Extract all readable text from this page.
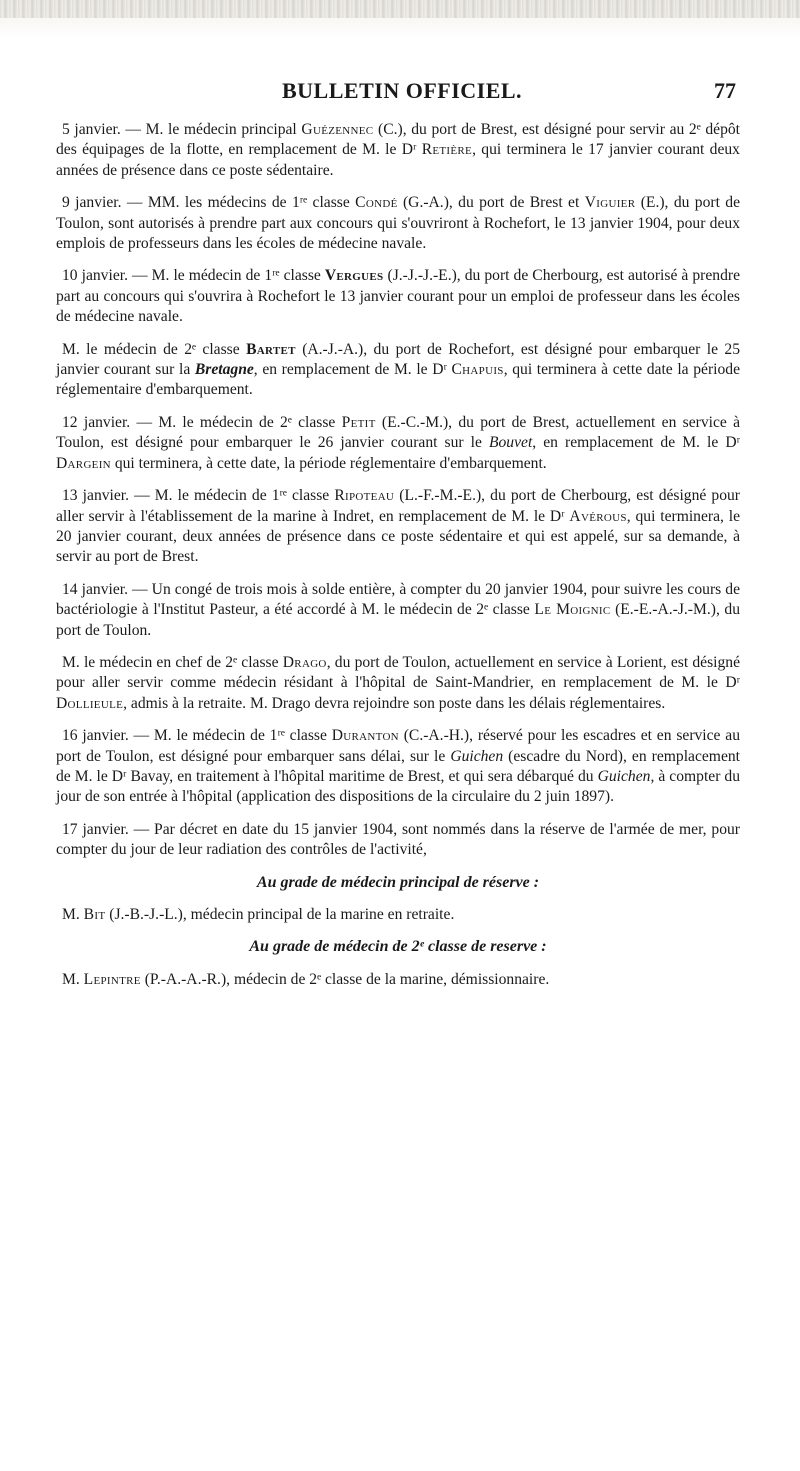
BULLETIN OFFICIEL.	77

5 janvier. — M. le médecin principal Guézennec (C.), du port de Brest, est désigné pour servir au 2ᵉ dépôt des équipages de la flotte, en remplacement de M. le Dʳ Retière, qui terminera le 17 janvier courant deux années de présence dans ce poste sédentaire.

9 janvier. — MM. les médecins de 1ʳᵉ classe Condé (G.-A.), du port de Brest et Viguier (E.), du port de Toulon, sont autorisés à prendre part aux concours qui s'ouvriront à Rochefort, le 13 janvier 1904, pour deux emplois de professeurs dans les écoles de médecine navale.

10 janvier. — M. le médecin de 1ʳᵉ classe Vergues (J.-J.-J.-E.), du port de Cherbourg, est autorisé à prendre part au concours qui s'ouvrira à Rochefort le 13 janvier courant pour un emploi de professeur dans les écoles de médecine navale.

M. le médecin de 2ᵉ classe Bartet (A.-J.-A.), du port de Rochefort, est désigné pour embarquer le 25 janvier courant sur la Bretagne, en remplacement de M. le Dʳ Chapuis, qui terminera à cette date la période réglementaire d'embarquement.

12 janvier. — M. le médecin de 2ᵉ classe Petit (E.-C.-M.), du port de Brest, actuellement en service à Toulon, est désigné pour embarquer le 26 janvier courant sur le Bouvet, en remplacement de M. le Dʳ Dargein qui terminera, à cette date, la période réglementaire d'embarquement.

13 janvier. — M. le médecin de 1ʳᵉ classe Ripoteau (L.-F.-M.-E.), du port de Cherbourg, est désigné pour aller servir à l'établissement de la marine à Indret, en remplacement de M. le Dʳ Avérous, qui terminera, le 20 janvier courant, deux années de présence dans ce poste sédentaire et qui est appelé, sur sa demande, à servir au port de Brest.

14 janvier. — Un congé de trois mois à solde entière, à compter du 20 janvier 1904, pour suivre les cours de bactériologie à l'Institut Pasteur, a été accordé à M. le médecin de 2ᵉ classe Le Moignic (E.-E.-A.-J.-M.), du port de Toulon.

M. le médecin en chef de 2ᵉ classe Drago, du port de Toulon, actuellement en service à Lorient, est désigné pour aller servir comme médecin résidant à l'hôpital de Saint-Mandrier, en remplacement de M. le Dʳ Dollieule, admis à la retraite. M. Drago devra rejoindre son poste dans les délais réglementaires.

16 janvier. — M. le médecin de 1ʳᵉ classe Duranton (C.-A.-H.), réservé pour les escadres et en service au port de Toulon, est désigné pour embarquer sans délai, sur le Guichen (escadre du Nord), en remplacement de M. le Dʳ Bavay, en traitement à l'hôpital maritime de Brest, et qui sera débarqué du Guichen, à compter du jour de son entrée à l'hôpital (application des dispositions de la circulaire du 2 juin 1897).

17 janvier. — Par décret en date du 15 janvier 1904, sont nommés dans la réserve de l'armée de mer, pour compter du jour de leur radiation des contrôles de l'activité,

Au grade de médecin principal de réserve :

M. Bit (J.-B.-J.-L.), médecin principal de la marine en retraite.

Au grade de médecin de 2ᵉ classe de reserve :

M. Lepintre (P.-A.-A.-R.), médecin de 2ᵉ classe de la marine, démissionnaire.
